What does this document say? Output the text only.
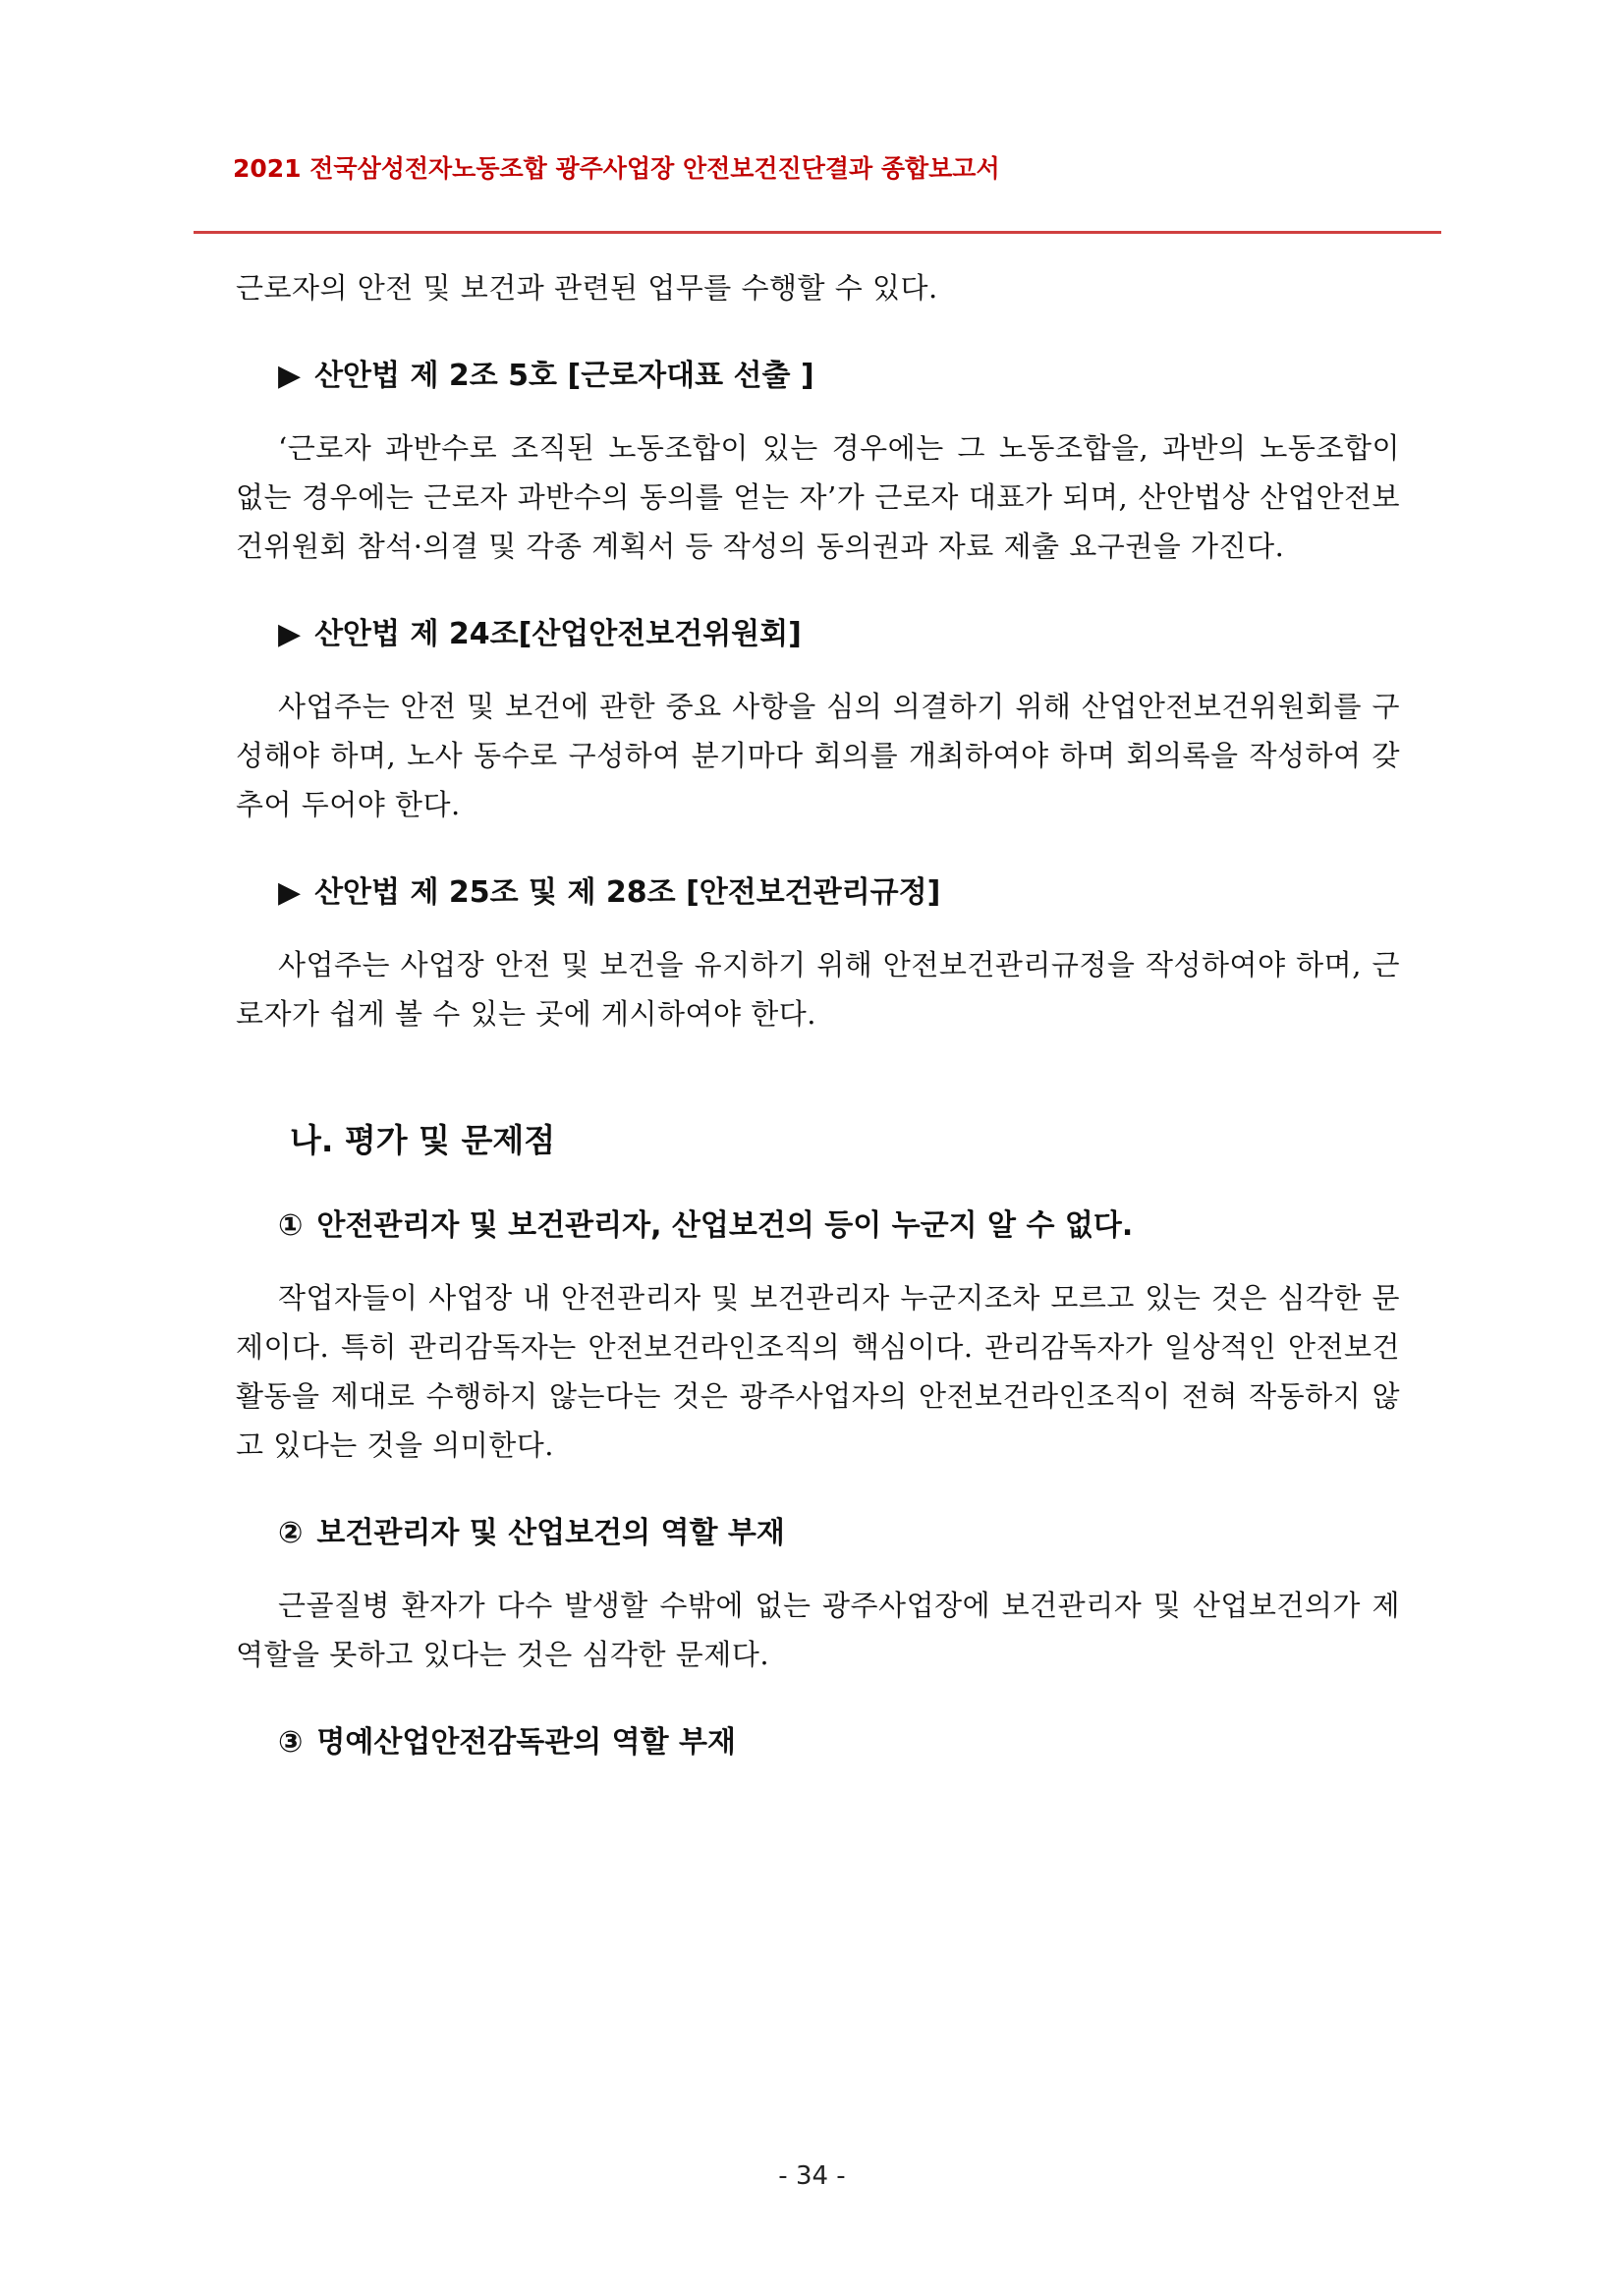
2021 전국삼성전자노동조합 광주사업장 안전보건진단결과 종합보고서

근로자의 안전 및 보건과 관련된 업무를 수행할 수 있다.

▶ 산안법 제 2조 5호 [근로자대표 선출 ]

‘근로자 과반수로 조직된 노동조합이 있는 경우에는 그 노동조합을, 과반의 노동조합이 없는 경우에는 근로자 과반수의 동의를 얻는 자’가 근로자 대표가 되며, 산안법상 산업안전보건위원회 참석·의결 및 각종 계획서 등 작성의 동의권과 자료 제출 요구권을 가진다.

▶ 산안법 제 24조[산업안전보건위원회]

사업주는 안전 및 보건에 관한 중요 사항을 심의 의결하기 위해 산업안전보건위원회를 구성해야 하며, 노사 동수로 구성하여 분기마다 회의를 개최하여야 하며 회의록을 작성하여 갖추어 두어야 한다.

▶ 산안법 제 25조 및 제 28조 [안전보건관리규정]

사업주는 사업장 안전 및 보건을 유지하기 위해 안전보건관리규정을 작성하여야 하며, 근로자가 쉽게 볼 수 있는 곳에 게시하여야 한다.

나. 평가 및 문제점

① 안전관리자 및 보건관리자, 산업보건의 등이 누군지 알 수 없다.

작업자들이 사업장 내 안전관리자 및 보건관리자 누군지조차 모르고 있는 것은 심각한 문제이다. 특히 관리감독자는 안전보건라인조직의 핵심이다. 관리감독자가 일상적인 안전보건활동을 제대로 수행하지 않는다는 것은 광주사업자의 안전보건라인조직이 전혀 작동하지 않고 있다는 것을 의미한다.

② 보건관리자 및 산업보건의 역할 부재

근골질병 환자가 다수 발생할 수밖에 없는 광주사업장에 보건관리자 및 산업보건의가 제 역할을 못하고 있다는 것은 심각한 문제다.

③ 명예산업안전감독관의 역할 부재

- 34 -
